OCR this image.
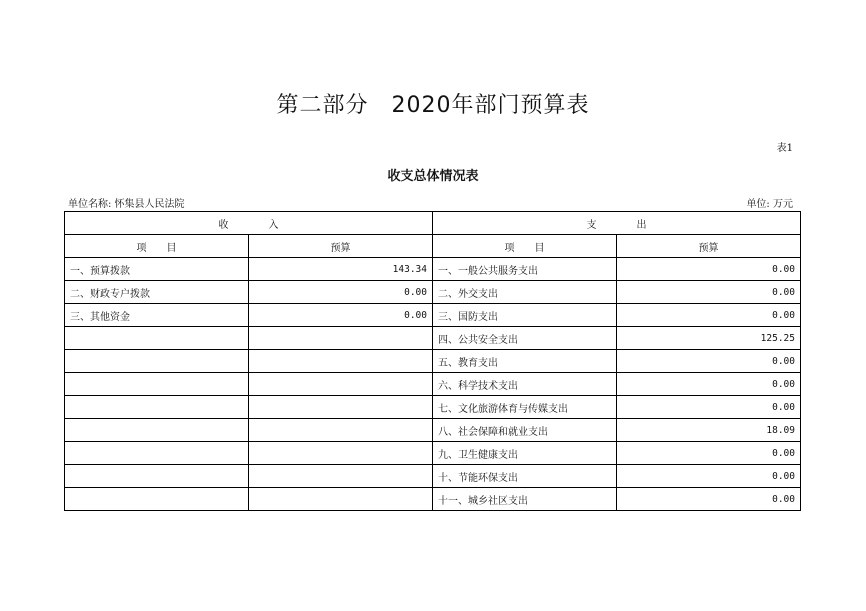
第二部分　2020年部门预算表
表1
收支总体情况表
单位名称: 怀集县人民法院	单位: 万元
收　　　　入		支　　　　出	
项　　目	预算	项　　目	预算
一、预算拨款	143.34	一、一般公共服务支出	0.00
二、财政专户拨款	0.00	二、外交支出	0.00
三、其他资金	0.00	三、国防支出	0.00
		四、公共安全支出	125.25
		五、教育支出	0.00
		六、科学技术支出	0.00
		七、文化旅游体育与传媒支出	0.00
		八、社会保障和就业支出	18.09
		九、卫生健康支出	0.00
		十、节能环保支出	0.00
		十一、城乡社区支出	0.00
